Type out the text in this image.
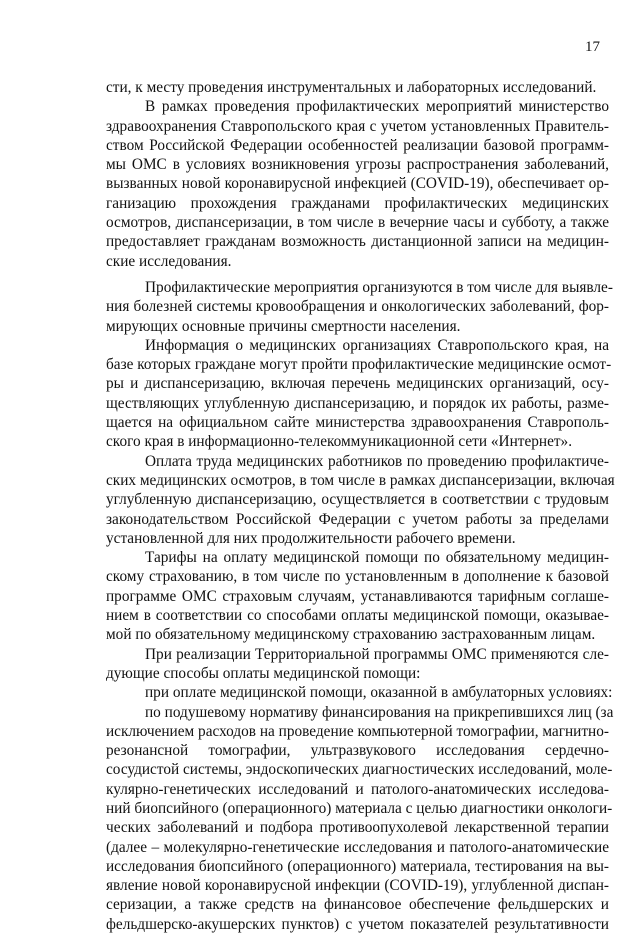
17
сти, к месту проведения инструментальных и лабораторных исследований.
В рамках проведения профилактических мероприятий министерство
здравоохранения Ставропольского края с учетом установленных Правитель-
ством Российской Федерации особенностей реализации базовой программ-
мы ОМС в условиях возникновения угрозы распространения заболеваний,
вызванных новой коронавирусной инфекцией (COVID-19), обеспечивает ор-
ганизацию прохождения гражданами профилактических медицинских
осмотров, диспансеризации, в том числе в вечерние часы и субботу, а также
предоставляет гражданам возможность дистанционной записи на медицин-
ские исследования.
Профилактические мероприятия организуются в том числе для выявле-
ния болезней системы кровообращения и онкологических заболеваний, фор-
мирующих основные причины смертности населения.
Информация о медицинских организациях Ставропольского края, на
базе которых граждане могут пройти профилактические медицинские осмот-
ры и диспансеризацию, включая перечень медицинских организаций, осу-
ществляющих углубленную диспансеризацию, и порядок их работы, разме-
щается на официальном сайте министерства здравоохранения Ставрополь-
ского края в информационно-телекоммуникационной сети «Интернет».
Оплата труда медицинских работников по проведению профилактиче-
ских медицинских осмотров, в том числе в рамках диспансеризации, включая
углубленную диспансеризацию, осуществляется в соответствии с трудовым
законодательством Российской Федерации с учетом работы за пределами
установленной для них продолжительности рабочего времени.
Тарифы на оплату медицинской помощи по обязательному медицин-
скому страхованию, в том числе по установленным в дополнение к базовой
программе ОМС страховым случаям, устанавливаются тарифным соглаше-
нием в соответствии со способами оплаты медицинской помощи, оказывае-
мой по обязательному медицинскому страхованию застрахованным лицам.
При реализации Территориальной программы ОМС применяются сле-
дующие способы оплаты медицинской помощи:
при оплате медицинской помощи, оказанной в амбулаторных условиях:
по подушевому нормативу финансирования на прикрепившихся лиц (за
исключением расходов на проведение компьютерной томографии, магнитно-
резонансной томографии, ультразвукового исследования сердечно-
сосудистой системы, эндоскопических диагностических исследований, моле-
кулярно-генетических исследований и патолого-анатомических исследова-
ний биопсийного (операционного) материала с целью диагностики онкологи-
ческих заболеваний и подбора противоопухолевой лекарственной терапии
(далее – молекулярно-генетические исследования и патолого-анатомические
исследования биопсийного (операционного) материала, тестирования на вы-
явление новой коронавирусной инфекции (COVID-19), углубленной диспан-
серизации, а также средств на финансовое обеспечение фельдшерских и
фельдшерско-акушерских пунктов) с учетом показателей результативности
